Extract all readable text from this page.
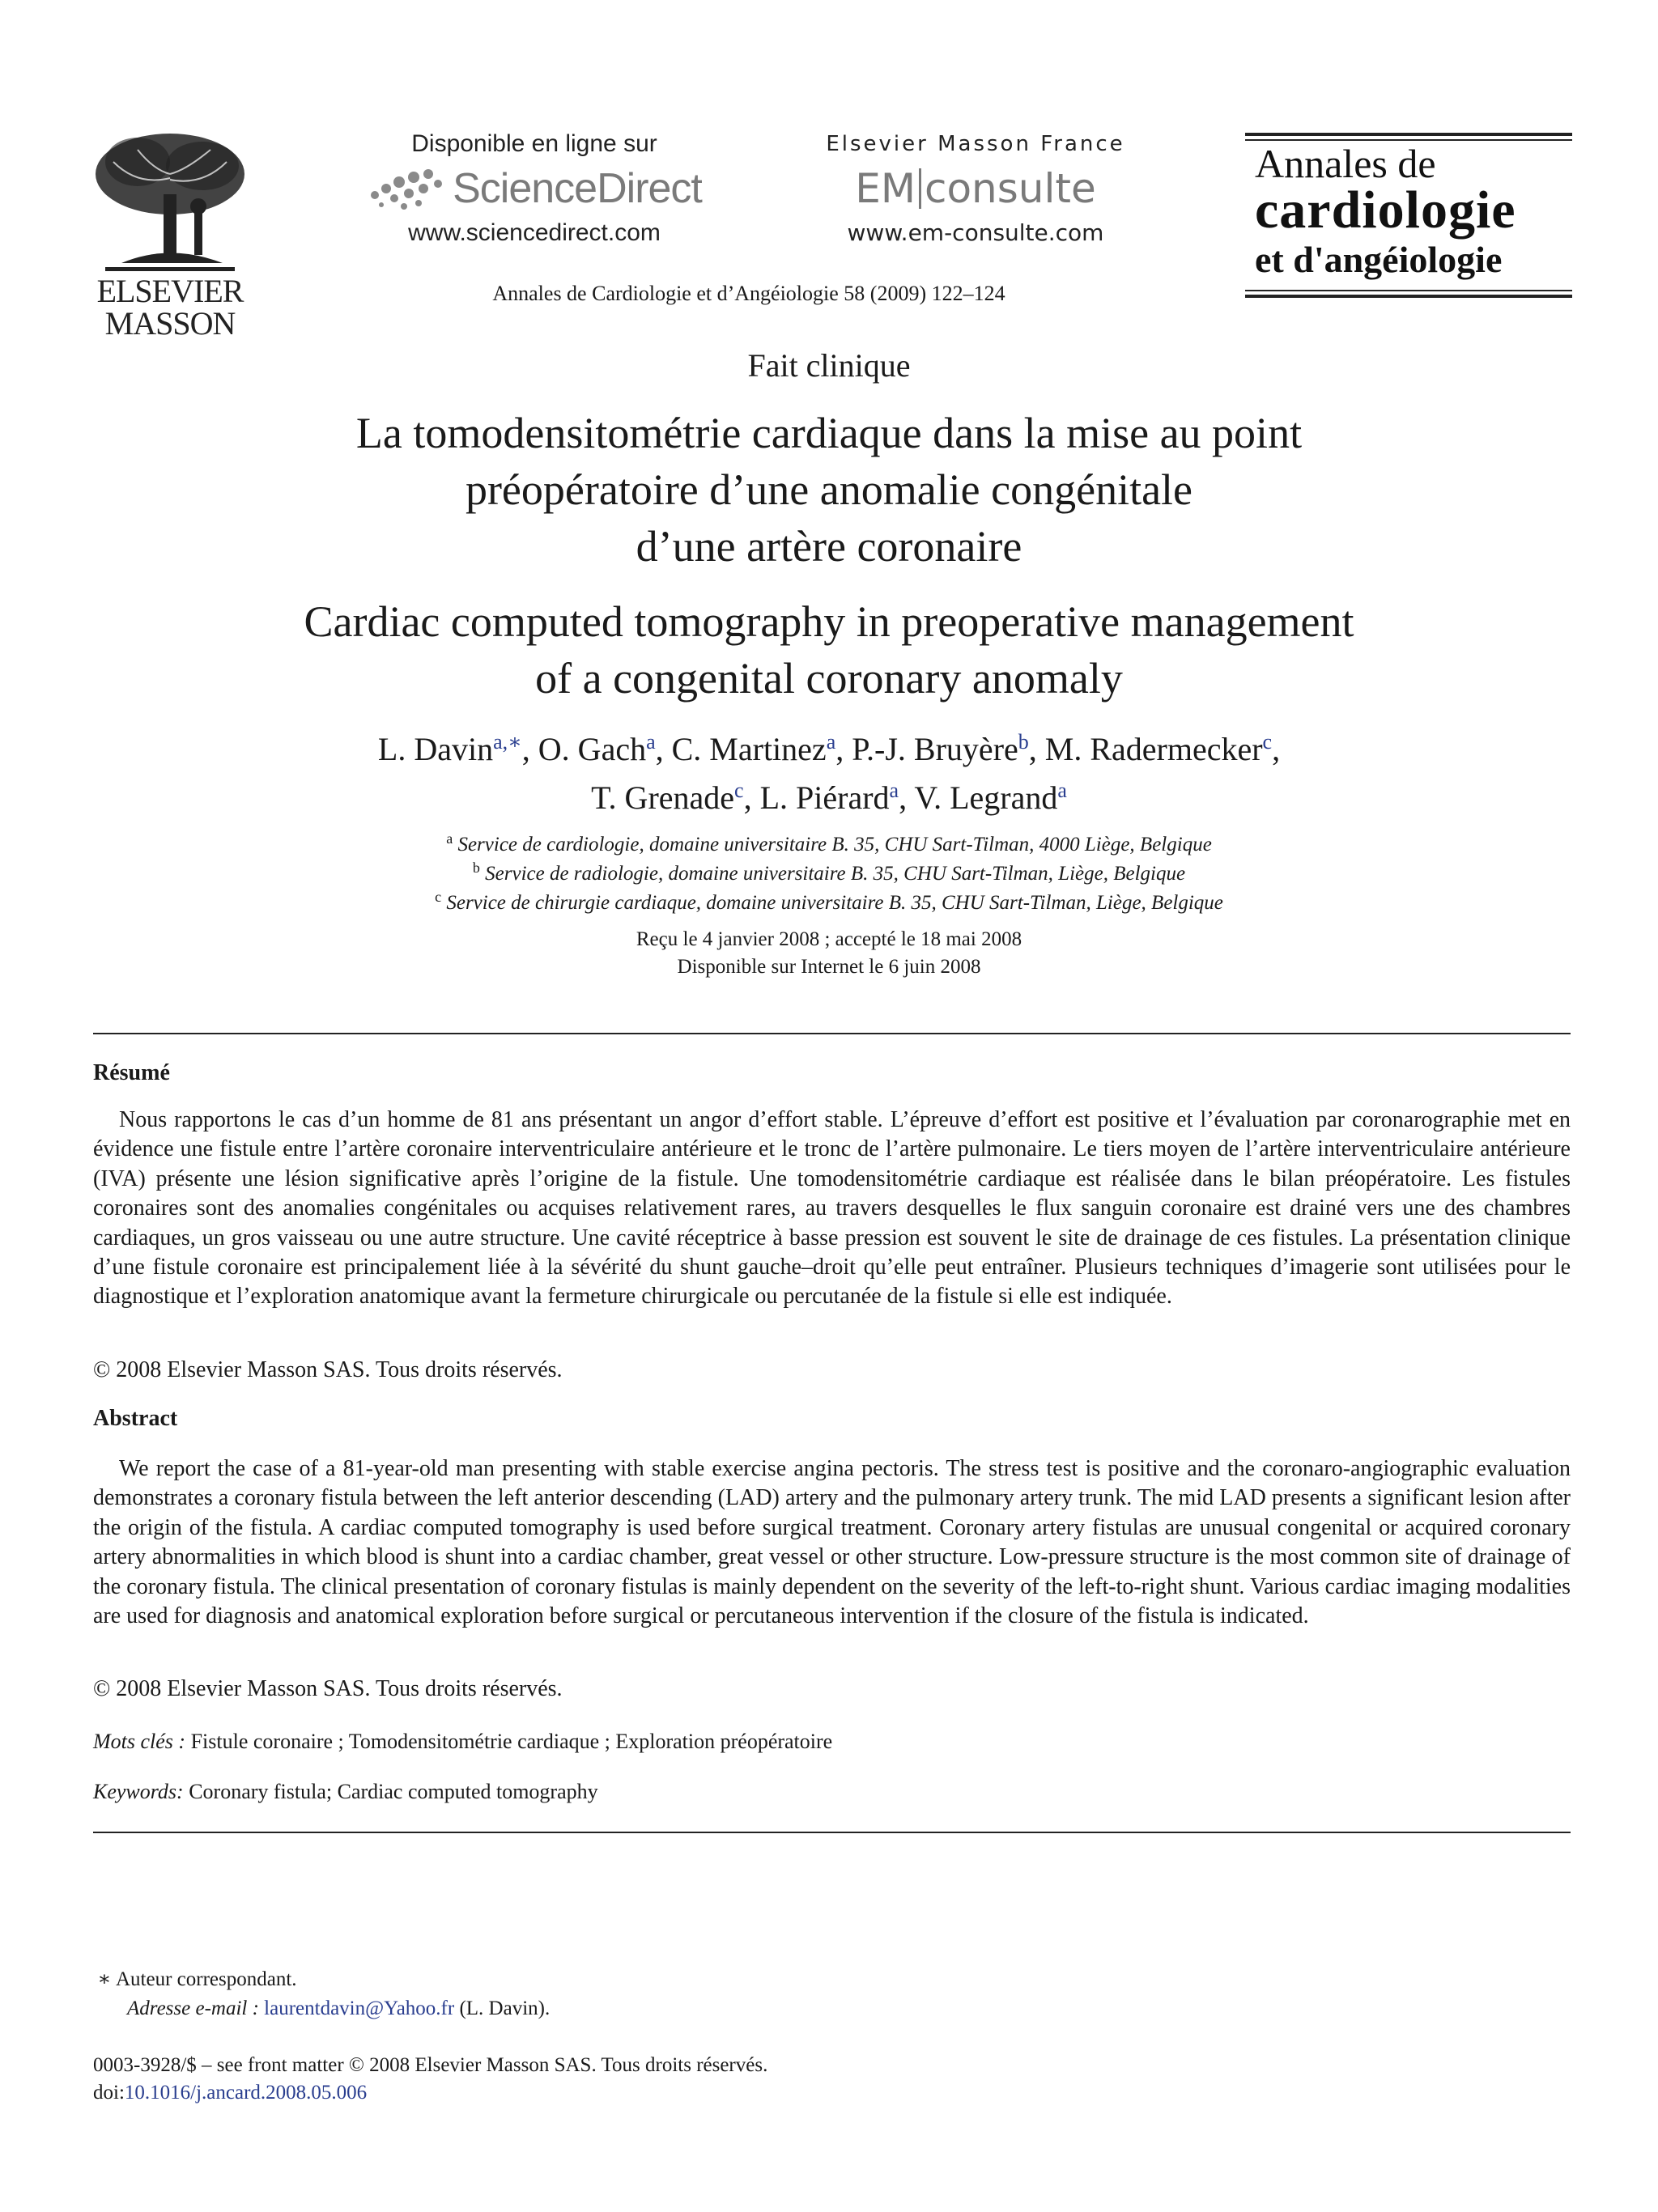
ELSEVIER
MASSON
Disponible en ligne sur
ScienceDirect
www.sciencedirect.com
Elsevier Masson France
EM consulte
www.em-consulte.com
Annales de Cardiologie et d’Angéiologie 58 (2009) 122–124
Annales de
cardiologie
et d'angéiologie
Fait clinique
La tomodensitométrie cardiaque dans la mise au point
préopératoire d’une anomalie congénitale
d’une artère coronaire
Cardiac computed tomography in preoperative management
of a congenital coronary anomaly
L. Davin$^{a,∗}$, O. Gach$^a$, C. Martinez$^a$, P.-J. Bruyère$^b$, M. Radermecker$^c$,
T. Grenade$^c$, L. Piérard$^a$, V. Legrand$^a$
$^a$ Service de cardiologie, domaine universitaire B. 35, CHU Sart-Tilman, 4000 Liège, Belgique
$^b$ Service de radiologie, domaine universitaire B. 35, CHU Sart-Tilman, Liège, Belgique
$^c$ Service de chirurgie cardiaque, domaine universitaire B. 35, CHU Sart-Tilman, Liège, Belgique
Reçu le 4 janvier 2008 ; accepté le 18 mai 2008
Disponible sur Internet le 6 juin 2008
Résumé
Nous rapportons le cas d’un homme de 81 ans présentant un angor d’effort stable. L’épreuve d’effort est positive et l’évaluation par coronarographie met en évidence une fistule entre l’artère coronaire interventriculaire antérieure et le tronc de l’artère pulmonaire. Le tiers moyen de l’artère interventriculaire antérieure (IVA) présente une lésion significative après l’origine de la fistule. Une tomodensitométrie cardiaque est réalisée dans le bilan préopératoire. Les fistules coronaires sont des anomalies congénitales ou acquises relativement rares, au travers desquelles le flux sanguin coronaire est drainé vers une des chambres cardiaques, un gros vaisseau ou une autre structure. Une cavité réceptrice à basse pression est souvent le site de drainage de ces fistules. La présentation clinique d’une fistule coronaire est principalement liée à la sévérité du shunt gauche–droit qu’elle peut entraîner. Plusieurs techniques d’imagerie sont utilisées pour le diagnostique et l’exploration anatomique avant la fermeture chirurgicale ou percutanée de la fistule si elle est indiquée.
© 2008 Elsevier Masson SAS. Tous droits réservés.
Abstract
We report the case of a 81-year-old man presenting with stable exercise angina pectoris. The stress test is positive and the coronaro-angiographic evaluation demonstrates a coronary fistula between the left anterior descending (LAD) artery and the pulmonary artery trunk. The mid LAD presents a significant lesion after the origin of the fistula. A cardiac computed tomography is used before surgical treatment. Coronary artery fistulas are unusual congenital or acquired coronary artery abnormalities in which blood is shunt into a cardiac chamber, great vessel or other structure. Low-pressure structure is the most common site of drainage of the coronary fistula. The clinical presentation of coronary fistulas is mainly dependent on the severity of the left-to-right shunt. Various cardiac imaging modalities are used for diagnosis and anatomical exploration before surgical or percutaneous intervention if the closure of the fistula is indicated.
© 2008 Elsevier Masson SAS. Tous droits réservés.
Mots clés : Fistule coronaire ; Tomodensitométrie cardiaque ; Exploration préopératoire
Keywords: Coronary fistula; Cardiac computed tomography
∗ Auteur correspondant.
Adresse e-mail : laurentdavin@Yahoo.fr (L. Davin).
0003-3928/$ – see front matter © 2008 Elsevier Masson SAS. Tous droits réservés.
doi:10.1016/j.ancard.2008.05.006
